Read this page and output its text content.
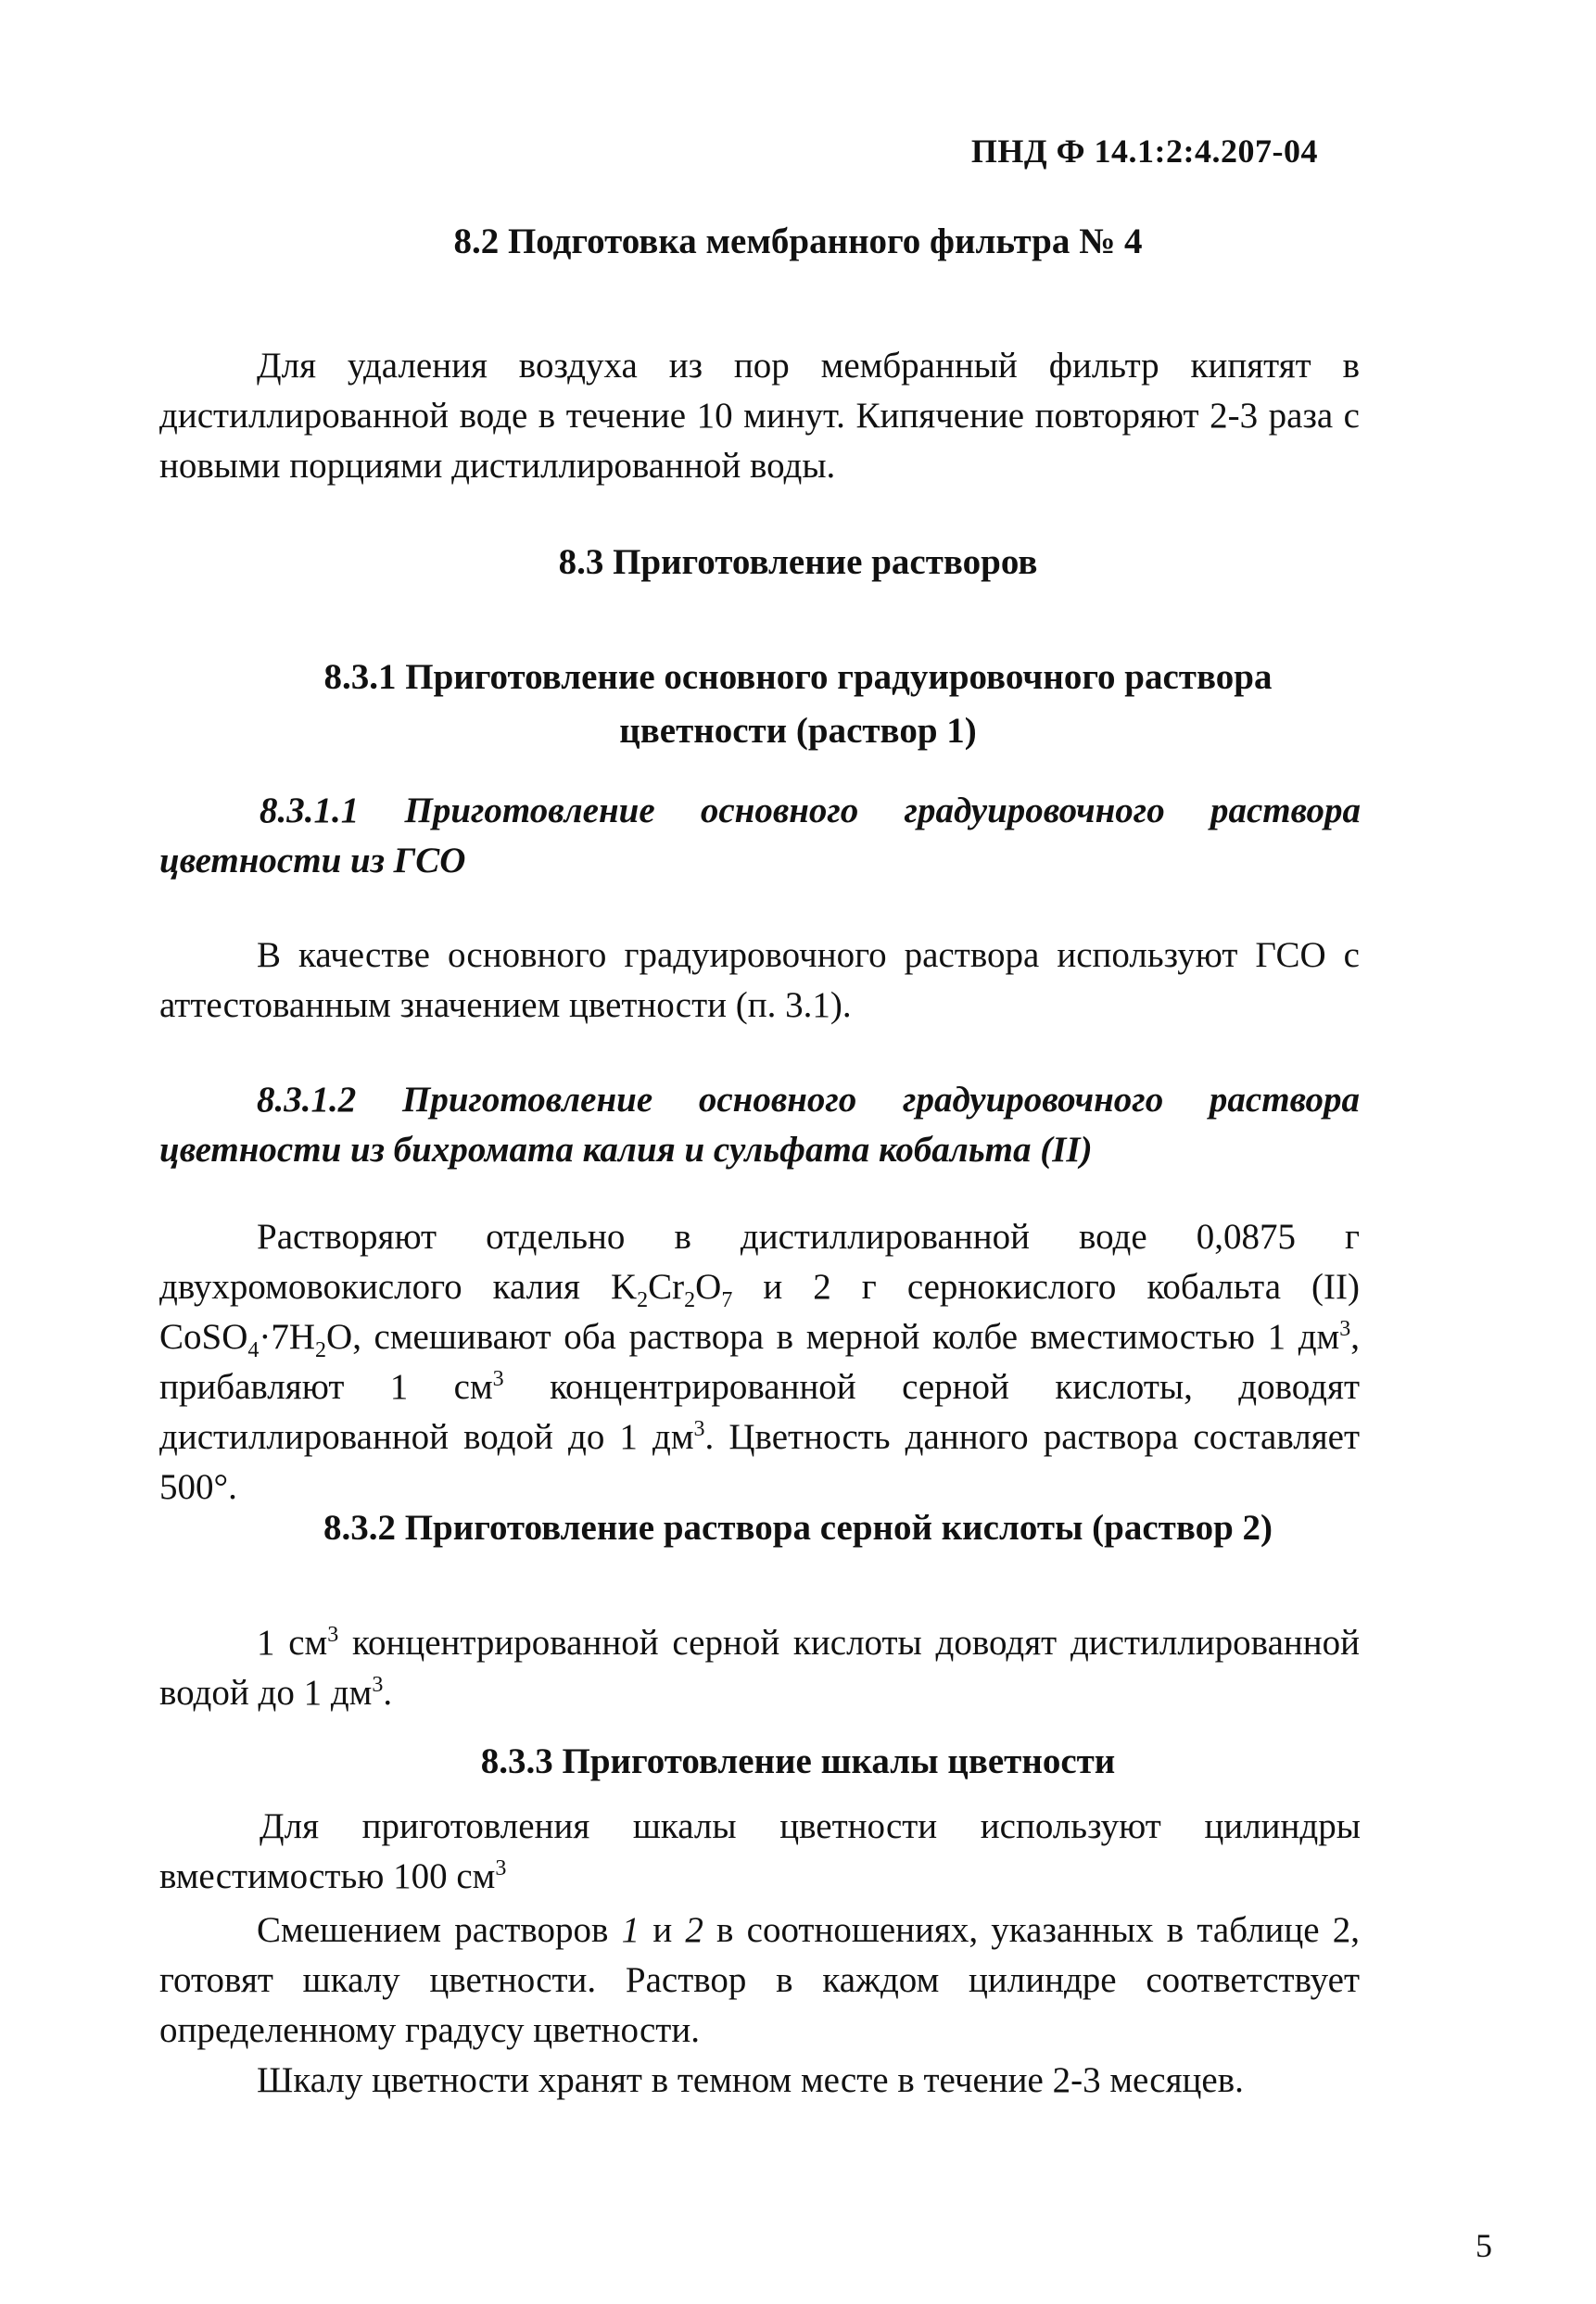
ПНД Ф 14.1:2:4.207-04
8.2 Подготовка мембранного фильтра № 4
Для удаления воздуха из пор мембранный фильтр кипятят в дистиллированной воде в течение 10 минут. Кипячение повторяют 2-3 раза с новыми порциями дистиллированной воды.
8.3 Приготовление растворов
8.3.1 Приготовление основного градуировочного раствора
цветности (раствор 1)
8.3.1.1 Приготовление основного градуировочного раствора
цветности из ГСО
В качестве основного градуировочного раствора используют ГСО с аттестованным значением цветности (п. 3.1).
8.3.1.2 Приготовление основного градуировочного раствора цветности из бихромата калия и сульфата кобальта (II)
Растворяют отдельно в дистиллированной воде 0,0875 г двухромовокислого калия $K_2Cr_2O_7$ и 2 г сернокислого кобальта (II) $CoSO_4\cdot 7H_2O$, смешивают оба раствора в мерной колбе вместимостью 1 $дм^3$, прибавляют 1 $см^3$ концентрированной серной кислоты, доводят дистиллированной водой до 1 $дм^3$. Цветность данного раствора составляет 500°.
8.3.2 Приготовление раствора серной кислоты (раствор 2)
1 $см^3$ концентрированной серной кислоты доводят дистиллированной водой до 1 $дм^3$.
8.3.3 Приготовление шкалы цветности
Для приготовления шкалы цветности используют цилиндры
вместимостью 100 $см^3$
Смешением растворов 1 и 2 в соотношениях, указанных в таблице 2, готовят шкалу цветности. Раствор в каждом цилиндре соответствует определенному градусу цветности.
Шкалу цветности хранят в темном месте в течение 2-3 месяцев.
5
